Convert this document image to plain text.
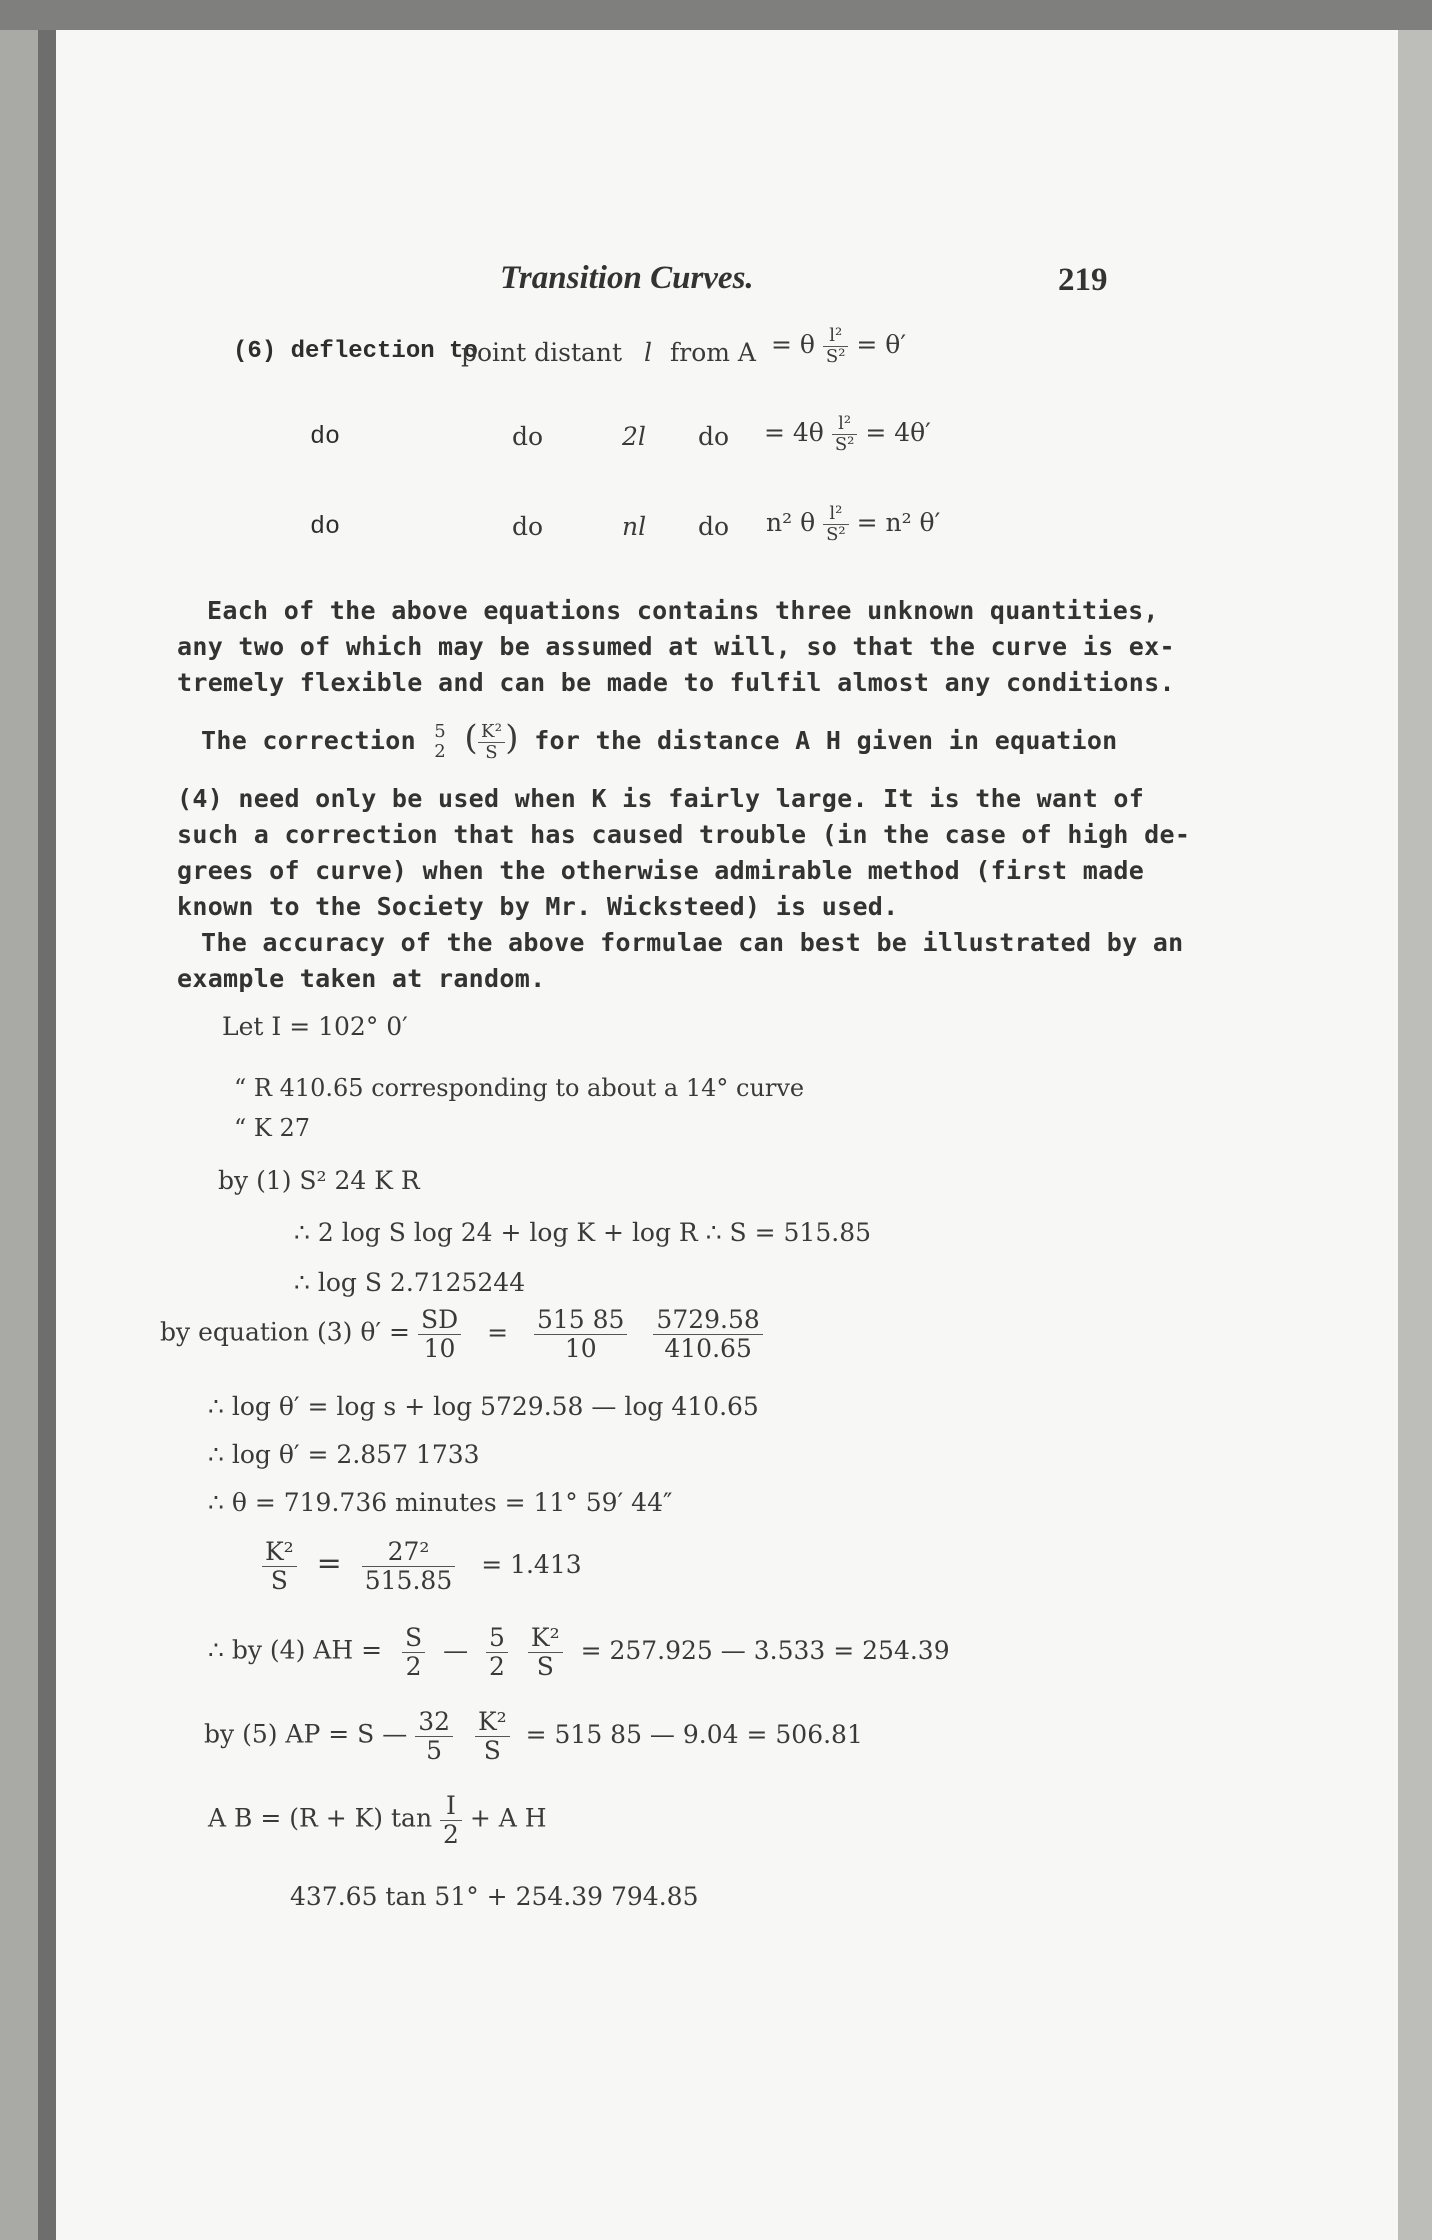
Transition Curves.	219
(6) deflection to
point distant l from A = θ $\frac{\text{l²}}{\text{S²}} = \theta'$
do	do	2l do = $4\theta \frac{\text{l²}}{\text{S²}} = 4\theta'$
do	do	nl do n² θ $\frac{\text{l²}}{\text{S²}} = n^2$ θ′
Each of the above equations contains three unknown quantities,
any two of which may be assumed at will, so that the curve is ex-
tremely flexible and can be made to fulfil almost any conditions.
The correction 5
2 ( $\frac{\text{K²}}{S}$ ) for the distance A H given in equation
(4) need only be used when K is fairly large. It is the want of
such a correction that has caused trouble (in the case of high de-
grees of curve) when the otherwise admirable method (first made
known to the Society by Mr. Wicksteed) is used.
The accuracy of the above formulae can best be illustrated by an
example taken at random.
Let I = 102° 0′
“ R 410.65 corresponding to about a 14° curve
“ K 27
by (1) S² 24 K R
∴ 2 log S log 24 + log K + log R ∴ S = 515.85
∴ log S 2.7125244
by equation (3) $\theta' = \frac{SD}{10} = \frac{515 85}{10}$
$\frac{5729.58}{410.65}$
∴ log θ′ = log s + log 5729.58 — log 410.65
∴ log θ′ = 2.857 1733
∴ θ = 719.736 minutes = 11° 59′ 44″
$\frac{\text{K²}}{S} = \frac{\text{27²}}{515.85} = 1.413$
∴ by (4) AH = $\frac{S}{2}$ — $\frac{5}{2}$
$\frac{\text{K²}}{S} = 257.925$ — 3.533 = 254.39
by (5) AP = S — $\frac{32}{5}$
$\frac{\text{K²}}{S} = 515$ 85 — 9.04 = 506.81
A B = (R + K) $\tan \frac{I}{2} + A$ H
437.65 tan 51° + 254.39 794.85
